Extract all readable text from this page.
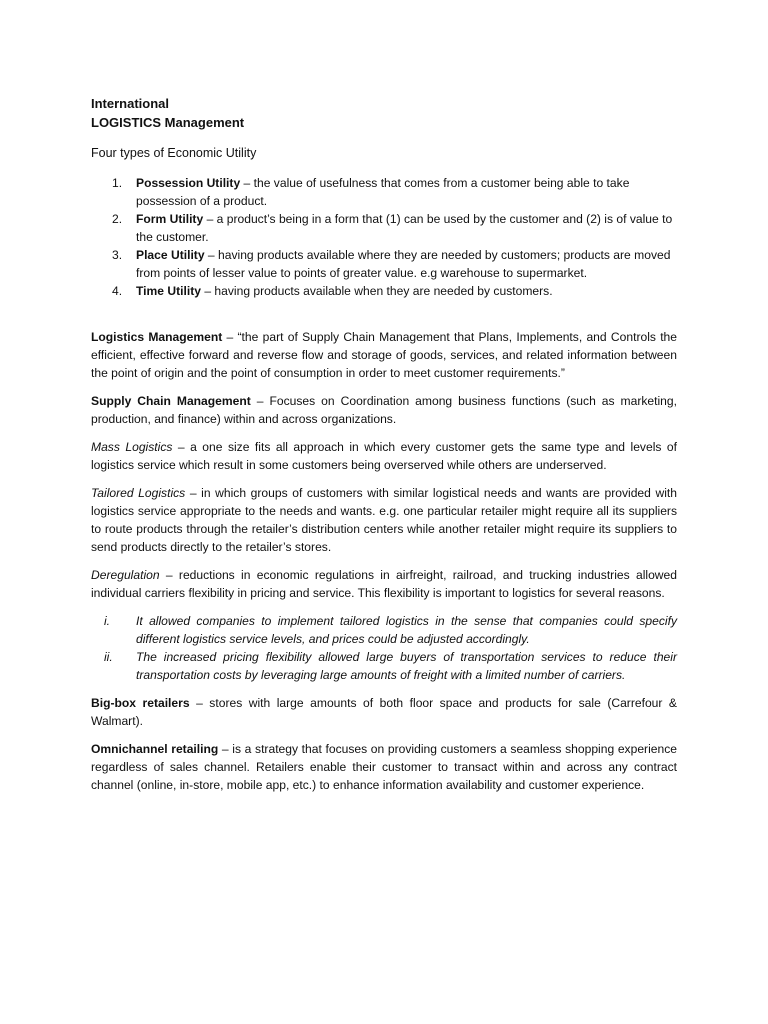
International
LOGISTICS Management

Four types of Economic Utility

1. Possession Utility – the value of usefulness that comes from a customer being able to take possession of a product.
2. Form Utility – a product’s being in a form that (1) can be used by the customer and (2) is of value to the customer.
3. Place Utility – having products available where they are needed by customers; products are moved from points of lesser value to points of greater value. e.g warehouse to supermarket.
4. Time Utility – having products available when they are needed by customers.

Logistics Management – “the part of Supply Chain Management that Plans, Implements, and Controls the efficient, effective forward and reverse flow and storage of goods, services, and related information between the point of origin and the point of consumption in order to meet customer requirements.”

Supply Chain Management – Focuses on Coordination among business functions (such as marketing, production, and finance) within and across organizations.

Mass Logistics – a one size fits all approach in which every customer gets the same type and levels of logistics service which result in some customers being overserved while others are underserved.

Tailored Logistics – in which groups of customers with similar logistical needs and wants are provided with logistics service appropriate to the needs and wants. e.g. one particular retailer might require all its suppliers to route products through the retailer’s distribution centers while another retailer might require its suppliers to send products directly to the retailer’s stores.

Deregulation – reductions in economic regulations in airfreight, railroad, and trucking industries allowed individual carriers flexibility in pricing and service. This flexibility is important to logistics for several reasons.

i. It allowed companies to implement tailored logistics in the sense that companies could specify different logistics service levels, and prices could be adjusted accordingly.
ii. The increased pricing flexibility allowed large buyers of transportation services to reduce their transportation costs by leveraging large amounts of freight with a limited number of carriers.

Big-box retailers – stores with large amounts of both floor space and products for sale (Carrefour & Walmart).

Omnichannel retailing – is a strategy that focuses on providing customers a seamless shopping experience regardless of sales channel. Retailers enable their customer to transact within and across any contract channel (online, in-store, mobile app, etc.) to enhance information availability and customer experience.
